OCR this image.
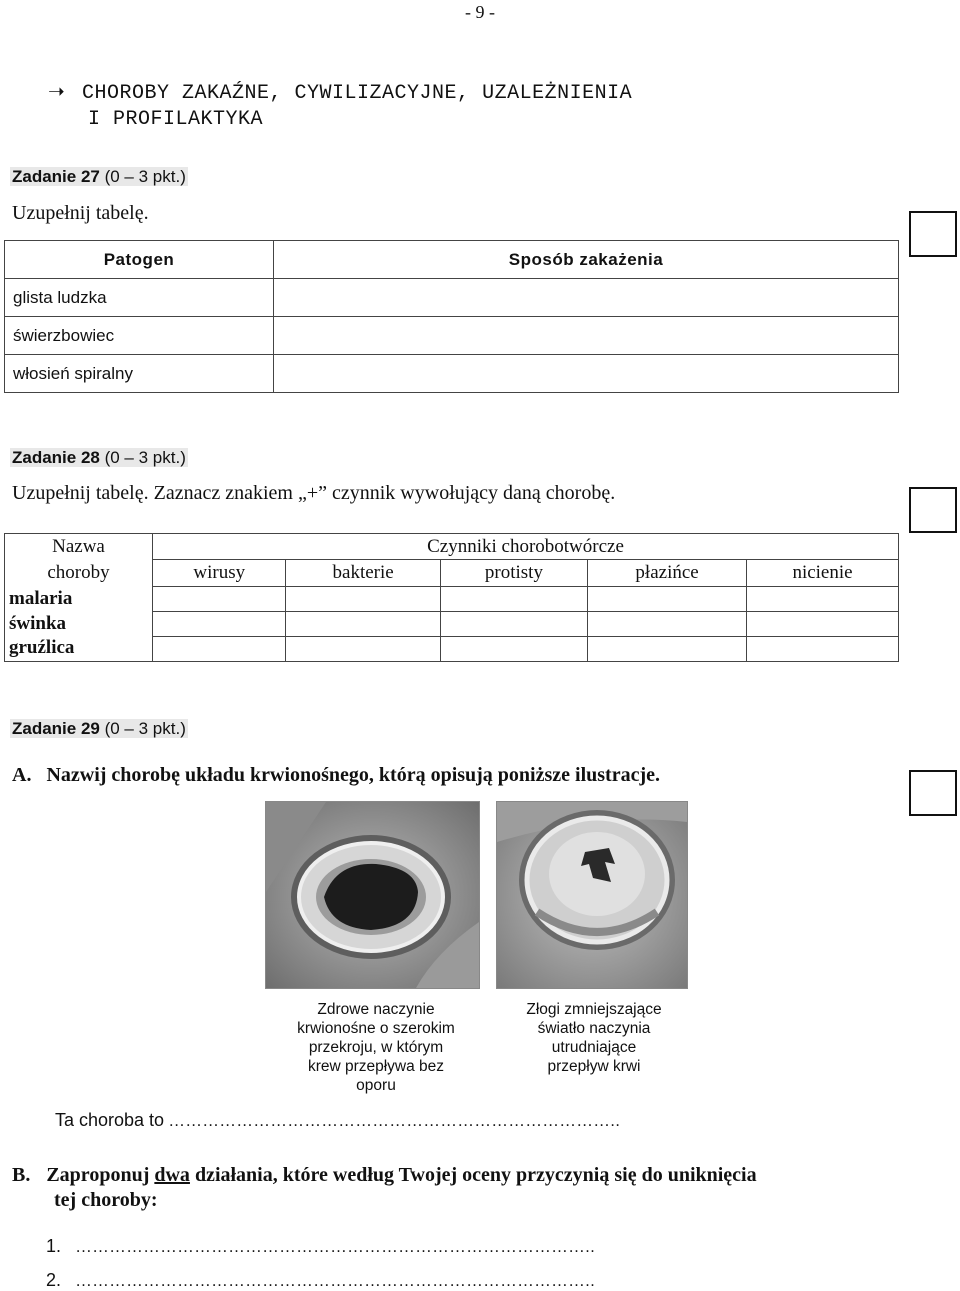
- 9 -
➝ CHOROBY ZAKAŹNE, CYWILIZACYJNE, UZALEŻNIENIA
I PROFILAKTYKA
Zadanie 27 (0 – 3 pkt.)
Uzupełnij tabelę.
Patogen	Sposób zakażenia
glista ludzka	
świerzbowiec	
włosień spiralny	
Zadanie 28 (0 – 3 pkt.)
Uzupełnij tabelę. Zaznacz znakiem „+” czynnik wywołujący daną chorobę.
Nazwa
choroby	Czynniki chorobotwórcze				
	wirusy	bakterie	protisty	płazińce	nicienie
malaria					
świnka					
gruźlica					
Zadanie 29 (0 – 3 pkt.)
A. Nazwij chorobę układu krwionośnego, którą opisują poniższe ilustracje.
Zdrowe naczynie
krwionośne o szerokim
przekroju, w którym
krew przepływa bez
oporu
Złogi zmniejszające
światło naczynia
utrudniające
przepływ krwi
Ta choroba to ……………………………………………………………………..
B. Zaproponuj dwa działania, które według Twojej oceny przyczynią się do uniknięcia
tej choroby:
1. ………………………………………………………………………………..
2. ………………………………………………………………………………..
